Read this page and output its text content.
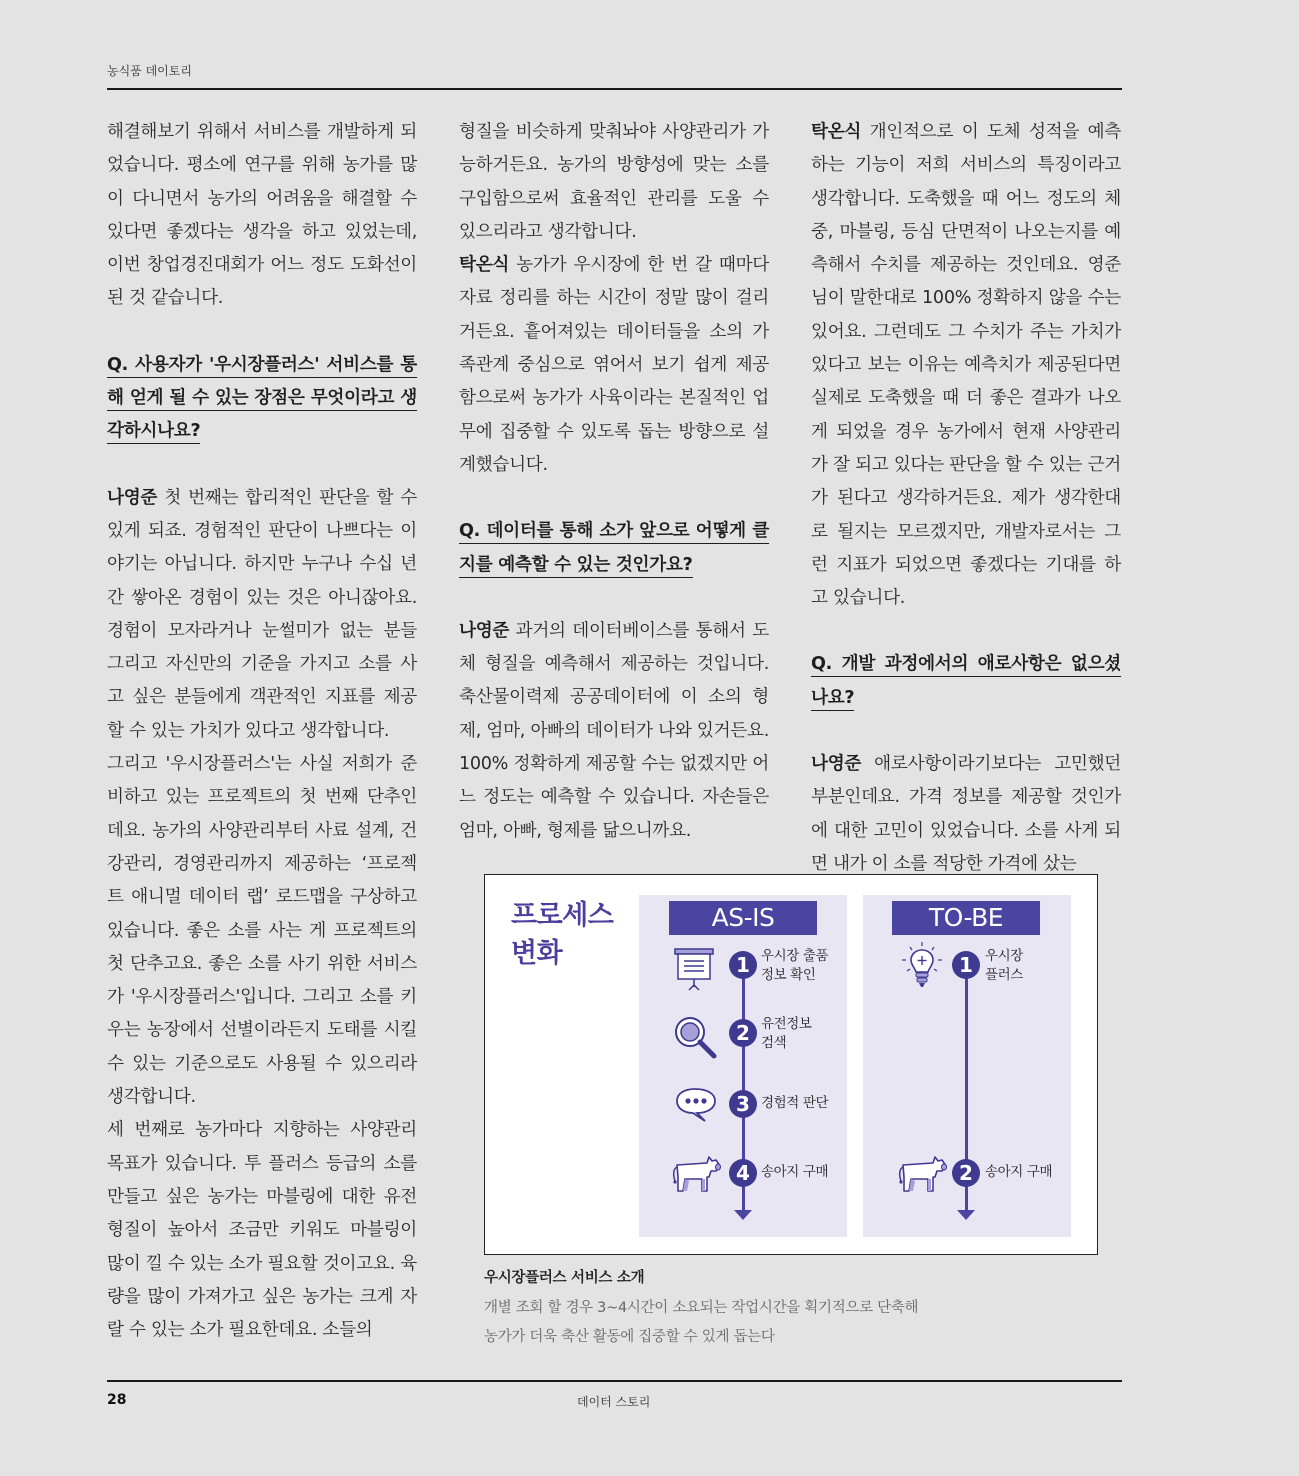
농식품 데이토리

해결해보기 위해서 서비스를 개발하게 되었습니다. 평소에 연구를 위해 농가를 많이 다니면서 농가의 어려움을 해결할 수 있다면 좋겠다는 생각을 하고 있었는데, 이번 창업경진대회가 어느 정도 도화선이 된 것 같습니다.

Q. 사용자가 '우시장플러스' 서비스를 통해 얻게 될 수 있는 장점은 무엇이라고 생각하시나요?

나영준 첫 번째는 합리적인 판단을 할 수 있게 되죠. 경험적인 판단이 나쁘다는 이야기는 아닙니다. 하지만 누구나 수십 년간 쌓아온 경험이 있는 것은 아니잖아요. 경험이 모자라거나 눈썰미가 없는 분들 그리고 자신만의 기준을 가지고 소를 사고 싶은 분들에게 객관적인 지표를 제공할 수 있는 가치가 있다고 생각합니다.

그리고 '우시장플러스'는 사실 저희가 준비하고 있는 프로젝트의 첫 번째 단추인데요. 농가의 사양관리부터 사료 설계, 건강관리, 경영관리까지 제공하는 ‘프로젝트 애니멀 데이터 랩’ 로드맵을 구상하고 있습니다. 좋은 소를 사는 게 프로젝트의 첫 단추고요. 좋은 소를 사기 위한 서비스가 '우시장플러스'입니다. 그리고 소를 키우는 농장에서 선별이라든지 도태를 시킬 수 있는 기준으로도 사용될 수 있으리라 생각합니다.

세 번째로 농가마다 지향하는 사양관리 목표가 있습니다. 투 플러스 등급의 소를 만들고 싶은 농가는 마블링에 대한 유전 형질이 높아서 조금만 키워도 마블링이 많이 낄 수 있는 소가 필요할 것이고요. 육량을 많이 가져가고 싶은 농가는 크게 자랄 수 있는 소가 필요한데요. 소들의

형질을 비슷하게 맞춰놔야 사양관리가 가능하거든요. 농가의 방향성에 맞는 소를 구입함으로써 효율적인 관리를 도울 수 있으리라고 생각합니다.

탁온식 농가가 우시장에 한 번 갈 때마다 자료 정리를 하는 시간이 정말 많이 걸리거든요. 흩어져있는 데이터들을 소의 가족관계 중심으로 엮어서 보기 쉽게 제공함으로써 농가가 사육이라는 본질적인 업무에 집중할 수 있도록 돕는 방향으로 설계했습니다.

Q. 데이터를 통해 소가 앞으로 어떻게 클지를 예측할 수 있는 것인가요?

나영준 과거의 데이터베이스를 통해서 도체 형질을 예측해서 제공하는 것입니다. 축산물이력제 공공데이터에 이 소의 형제, 엄마, 아빠의 데이터가 나와 있거든요. 100% 정확하게 제공할 수는 없겠지만 어느 정도는 예측할 수 있습니다. 자손들은 엄마, 아빠, 형제를 닮으니까요.

탁온식 개인적으로 이 도체 성적을 예측하는 기능이 저희 서비스의 특징이라고 생각합니다. 도축했을 때 어느 정도의 체중, 마블링, 등심 단면적이 나오는지를 예측해서 수치를 제공하는 것인데요. 영준님이 말한대로 100% 정확하지 않을 수는 있어요. 그런데도 그 수치가 주는 가치가 있다고 보는 이유는 예측치가 제공된다면 실제로 도축했을 때 더 좋은 결과가 나오게 되었을 경우 농가에서 현재 사양관리가 잘 되고 있다는 판단을 할 수 있는 근거가 된다고 생각하거든요. 제가 생각한대로 될지는 모르겠지만, 개발자로서는 그런 지표가 되었으면 좋겠다는 기대를 하고 있습니다.

Q. 개발 과정에서의 애로사항은 없으셨나요?

나영준 애로사항이라기보다는 고민했던 부분인데요. 가격 정보를 제공할 것인가에 대한 고민이 있었습니다. 소를 사게 되면 내가 이 소를 적당한 가격에 샀는

프로세스
변화
AS-IS
1 우시장 출품
정보 확인
2 유전정보
검색
3 경험적 판단
4 송아지 구매
TO-BE
1 우시장
플러스
2 송아지 구매
우시장플러스 서비스 소개
개별 조회 할 경우 3~4시간이 소요되는 작업시간을 획기적으로 단축해
농가가 더욱 축산 활동에 집중할 수 있게 돕는다
28	데이터 스토리
